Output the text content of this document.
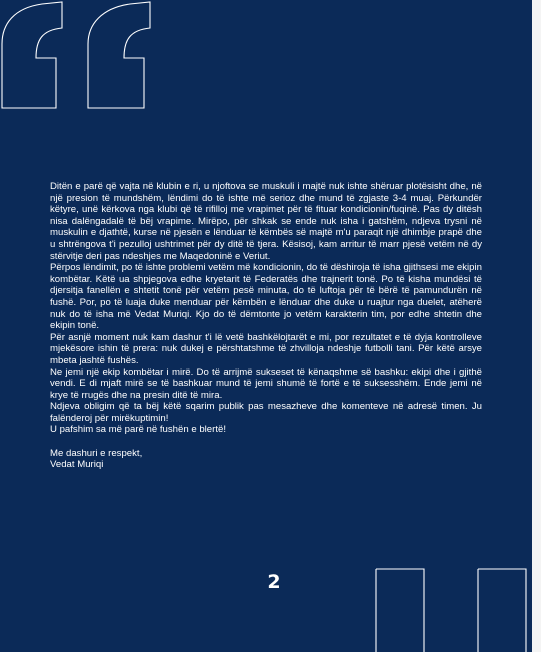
Ditën e parë që vajta në klubin e ri, u njoftova se muskuli i majtë nuk ishte shëruar plotësisht dhe, në një presion të mundshëm, lëndimi do të ishte më serioz dhe mund të zgjaste 3-4 muaj. Përkundër këtyre, unë kërkova nga klubi që të rifilloj me vrapimet për të fituar kondicionin/fuqinë. Pas dy ditësh nisa dalëngadalë të bëj vrapime. Mirëpo, për shkak se ende nuk isha i gatshëm, ndjeva trysni në muskulin e djathtë, kurse në pjesën e lënduar të këmbës së majtë m'u paraqit një dhimbje prapë dhe u shtrëngova t'i pezulloj ushtrimet për dy ditë të tjera. Kësisoj, kam arritur të marr pjesë vetëm në dy stërvitje deri pas ndeshjes me Maqedoninë e Veriut.

Përpos lëndimit, po të ishte problemi vetëm më kondicionin, do të dëshiroja të isha gjithsesi me ekipin kombëtar. Këtë ua shpjegova edhe kryetarit të Federatës dhe trajnerit tonë. Po të kisha mundësi të djersitja fanellën e shtetit tonë për vetëm pesë minuta, do të luftoja për të bërë të pamundurën në fushë. Por, po të luaja duke menduar për këmbën e lënduar dhe duke u ruajtur nga duelet, atëherë nuk do të isha më Vedat Muriqi. Kjo do të dëmtonte jo vetëm karakterin tim, por edhe shtetin dhe ekipin tonë.

Për asnjë moment nuk kam dashur t'i lë vetë bashkëlojtarët e mi, por rezultatet e të dyja kontrolleve mjekësore ishin të prera: nuk dukej e përshtatshme të zhvilloja ndeshje futbolli tani. Për këtë arsye mbeta jashtë fushës.

Ne jemi një ekip kombëtar i mirë. Do të arrijmë sukseset të kënaqshme së bashku: ekipi dhe i gjithë vendi. E di mjaft mirë se të bashkuar mund të jemi shumë të fortë e të suksesshëm. Ende jemi në krye të rrugës dhe na presin ditë të mira.

Ndjeva obligim që ta bëj këtë sqarim publik pas mesazheve dhe komenteve në adresë timen. Ju falënderoj për mirëkuptimin!

U pafshim sa më parë në fushën e blertë!

Me dashuri e respekt,
Vedat Muriqi

2
